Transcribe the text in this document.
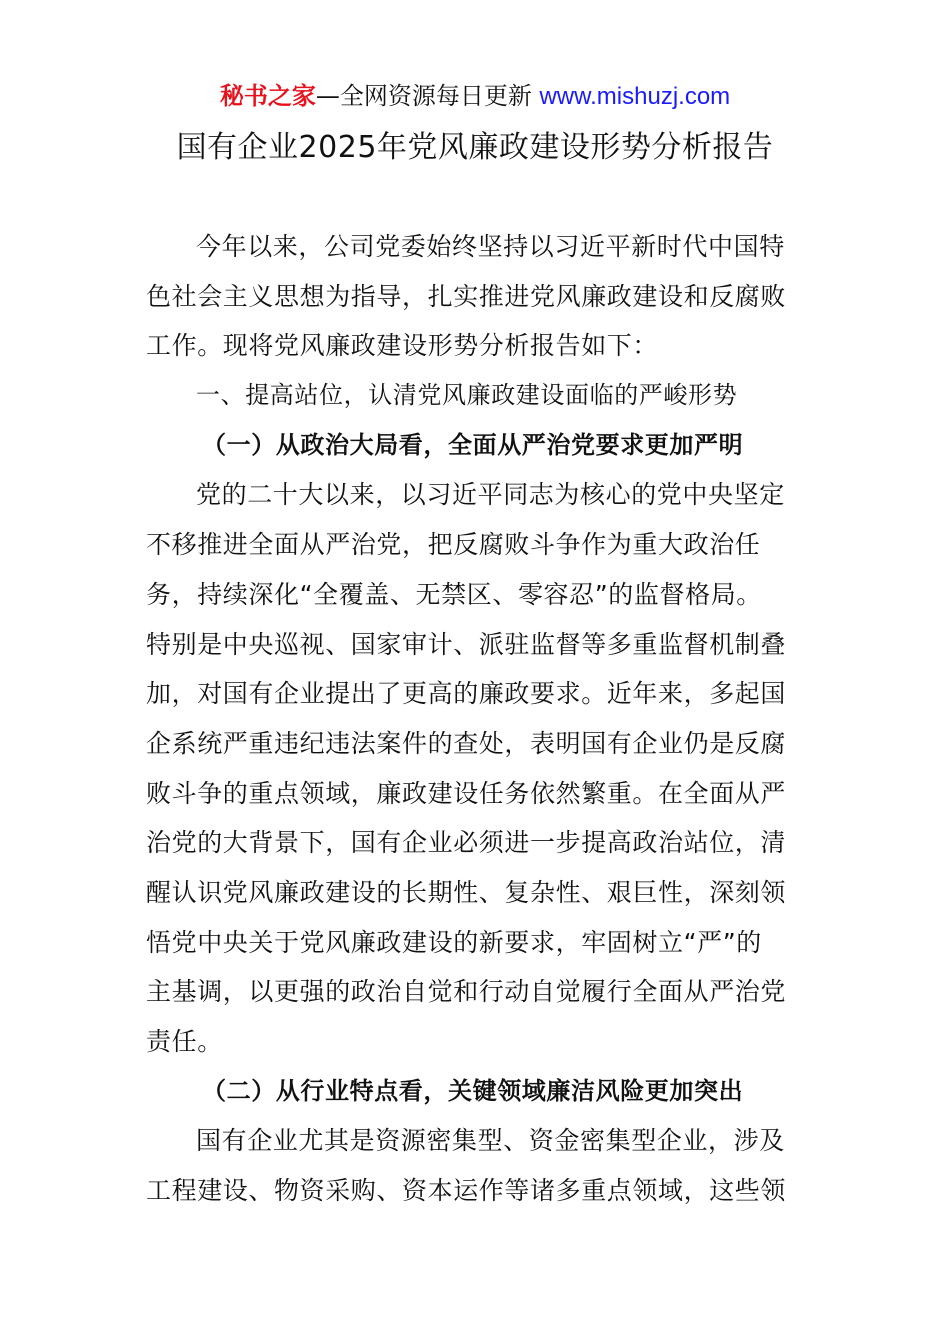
秘书之家—全网资源每日更新 www.mishuzj.com
国有企业2025年党风廉政建设形势分析报告
今年以来，公司党委始终坚持以习近平新时代中国特
色社会主义思想为指导，扎实推进党风廉政建设和反腐败
工作。现将党风廉政建设形势分析报告如下：
一、提高站位，认清党风廉政建设面临的严峻形势
（一）从政治大局看，全面从严治党要求更加严明
党的二十大以来，以习近平同志为核心的党中央坚定
不移推进全面从严治党，把反腐败斗争作为重大政治任
务，持续深化“全覆盖、无禁区、零容忍”的监督格局。
特别是中央巡视、国家审计、派驻监督等多重监督机制叠
加，对国有企业提出了更高的廉政要求。近年来，多起国
企系统严重违纪违法案件的查处，表明国有企业仍是反腐
败斗争的重点领域，廉政建设任务依然繁重。在全面从严
治党的大背景下，国有企业必须进一步提高政治站位，清
醒认识党风廉政建设的长期性、复杂性、艰巨性，深刻领
悟党中央关于党风廉政建设的新要求，牢固树立“严”的
主基调，以更强的政治自觉和行动自觉履行全面从严治党
责任。
（二）从行业特点看，关键领域廉洁风险更加突出
国有企业尤其是资源密集型、资金密集型企业，涉及
工程建设、物资采购、资本运作等诸多重点领域，这些领
